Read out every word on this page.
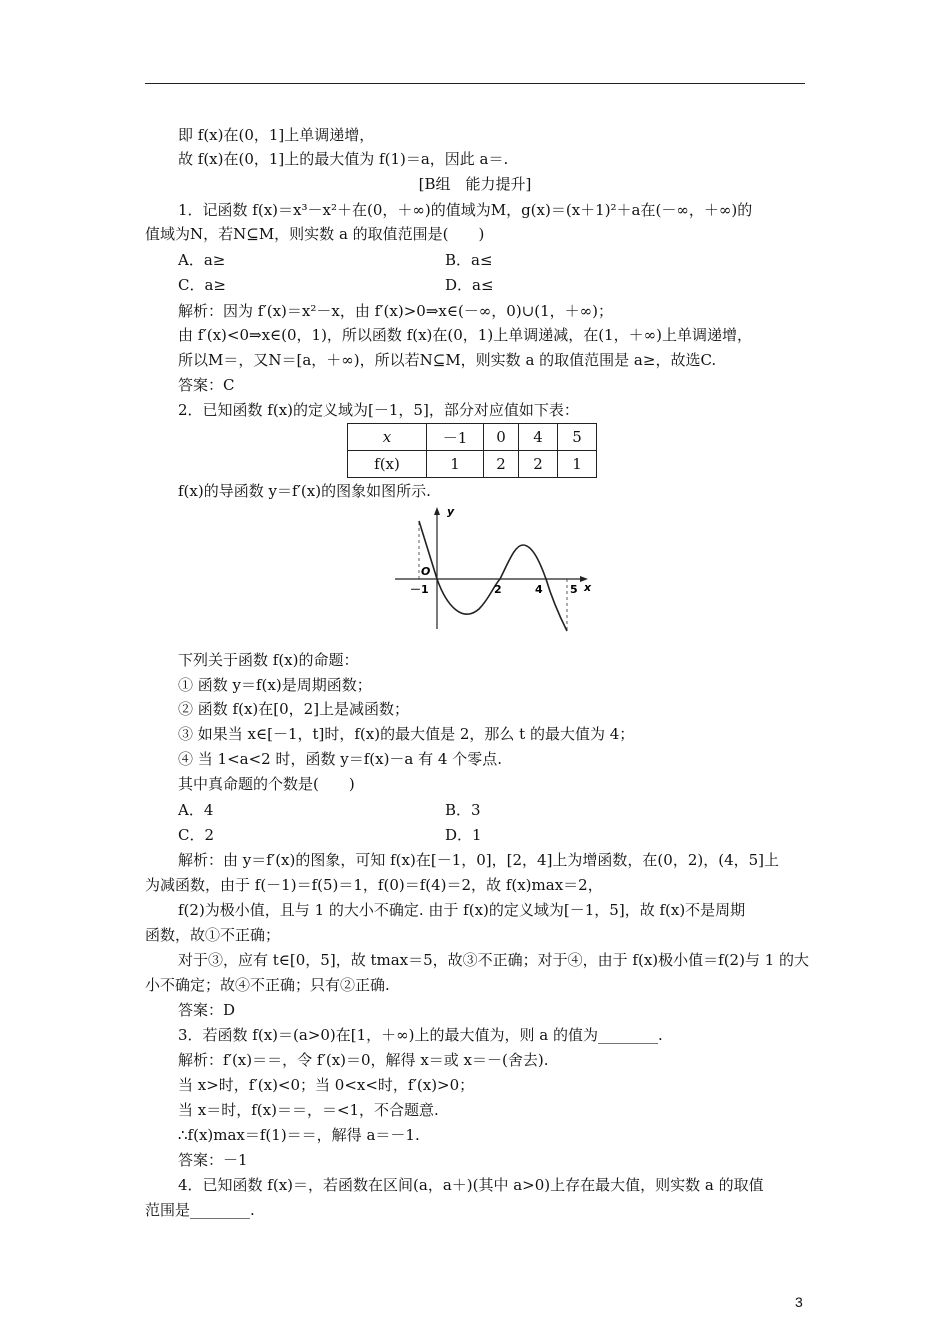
即 f(x)在(0，1]上单调递增，
故 f(x)在(0，1]上的最大值为 f(1)＝a，因此 a＝.
[B组　能力提升]
1．记函数 f(x)＝x³－x²＋在(0，＋∞)的值域为M，g(x)＝(x＋1)²＋a在(－∞，＋∞)的
值域为N，若N⊆M，则实数 a 的取值范围是(　　)
A．a≥	B．a≤
C．a≥	D．a≤
解析：因为 f′(x)＝x²－x，由 f′(x)>0⇒x∈(－∞，0)∪(1，＋∞)；
由 f′(x)<0⇒x∈(0，1)，所以函数 f(x)在(0，1)上单调递减，在(1，＋∞)上单调递增，
所以M＝，又N＝[a，＋∞)，所以若N⊆M，则实数 a 的取值范围是 a≥，故选C.
答案：C
2．已知函数 f(x)的定义域为[－1，5]，部分对应值如下表：
x	－1	0	4	5
f(x)	1	2	2	1
f(x)的导函数 y＝f′(x)的图象如图所示.
y
x
O
－1	2	4 5
下列关于函数 f(x)的命题：
① 函数 y＝f(x)是周期函数；
② 函数 f(x)在[0，2]上是减函数；
③ 如果当 x∈[－1，t]时，f(x)的最大值是 2，那么 t 的最大值为 4；
④ 当 1<a<2 时，函数 y＝f(x)－a 有 4 个零点.
其中真命题的个数是(　　)
A．4	B．3
C．2	D．1
解析：由 y＝f′(x)的图象，可知 f(x)在[－1，0]，[2，4]上为增函数，在(0，2)，(4，5]上
为减函数，由于 f(－1)＝f(5)＝1，f(0)＝f(4)＝2，故 f(x)max＝2，
f(2)为极小值，且与 1 的大小不确定. 由于 f(x)的定义域为[－1，5]，故 f(x)不是周期
函数，故①不正确；
对于③，应有 t∈[0，5]，故 tmax＝5，故③不正确；对于④，由于 f(x)极小值＝f(2)与 1 的大
小不确定；故④不正确；只有②正确.
答案：D
3．若函数 f(x)＝(a>0)在[1，＋∞)上的最大值为，则 a 的值为________.
解析：f′(x)＝＝，令 f′(x)＝0，解得 x＝或 x＝－(舍去).
当 x>时，f′(x)<0；当 0<x<时，f′(x)>0；
当 x＝时，f(x)＝＝，＝<1，不合题意.
∴f(x)max＝f(1)＝＝，解得 a＝－1.
答案：－1
4．已知函数 f(x)＝，若函数在区间(a，a＋)(其中 a>0)上存在最大值，则实数 a 的取值
范围是________.
3
